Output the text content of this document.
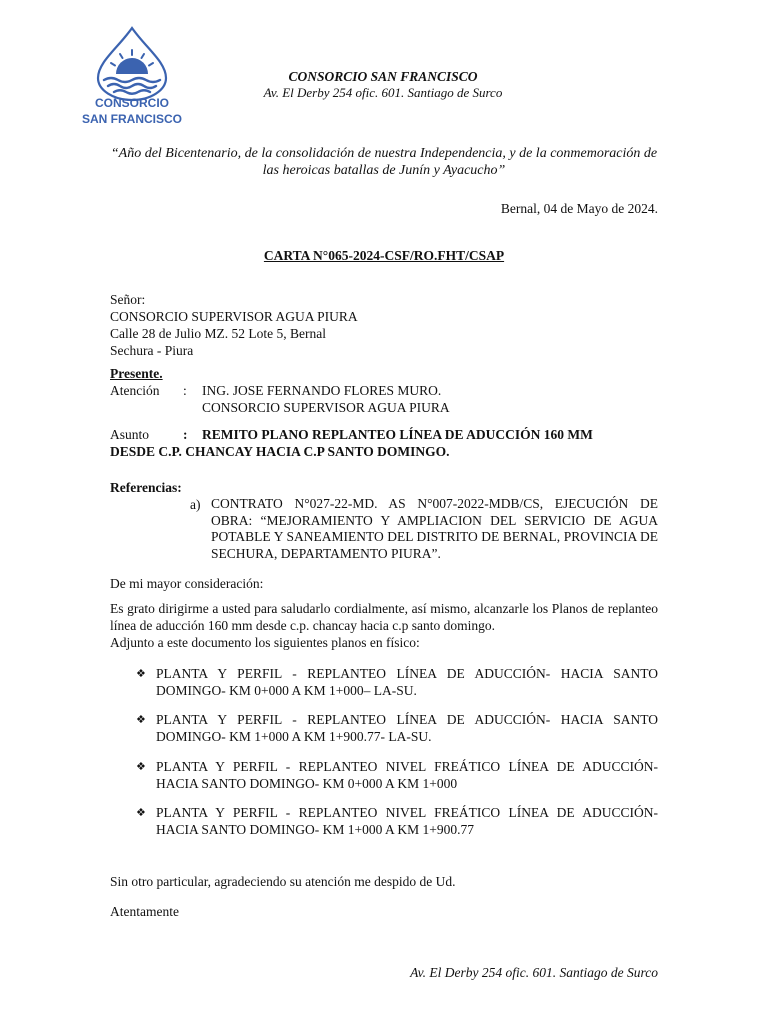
CONSORCIO
SAN FRANCISCO
CONSORCIO SAN FRANCISCO
Av. El Derby 254 ofic. 601. Santiago de Surco
“Año del Bicentenario, de la consolidación de nuestra Independencia, y de la conmemoración de las heroicas batallas de Junín y Ayacucho”
Bernal, 04 de Mayo de 2024.
CARTA N°065-2024-CSF/RO.FHT/CSAP
Señor:
CONSORCIO SUPERVISOR AGUA PIURA
Calle 28 de Julio MZ. 52 Lote 5, Bernal
Sechura - Piura
Presente.
Atención : ING. JOSE FERNANDO FLORES MURO.
CONSORCIO SUPERVISOR AGUA PIURA
Asunto	: REMITO PLANO REPLANTEO LÍNEA DE ADUCCIÓN 160 MM
DESDE C.P. CHANCAY HACIA C.P SANTO DOMINGO.
Referencias:
a) CONTRATO N°027-22-MD. AS N°007-2022-MDB/CS, EJECUCIÓN DE OBRA: “MEJORAMIENTO Y AMPLIACION DEL SERVICIO DE AGUA POTABLE Y SANEAMIENTO DEL DISTRITO DE BERNAL, PROVINCIA DE SECHURA, DEPARTAMENTO PIURA”.
De mi mayor consideración:
Es grato dirigirme a usted para saludarlo cordialmente, así mismo, alcanzarle los Planos de replanteo línea de aducción 160 mm desde c.p. chancay hacia c.p santo domingo.
Adjunto a este documento los siguientes planos en físico:
❖ PLANTA Y PERFIL - REPLANTEO LÍNEA DE ADUCCIÓN- HACIA SANTO DOMINGO- KM 0+000 A KM 1+000– LA-SU.
❖ PLANTA Y PERFIL - REPLANTEO LÍNEA DE ADUCCIÓN- HACIA SANTO DOMINGO- KM 1+000 A KM 1+900.77- LA-SU.
❖ PLANTA Y PERFIL - REPLANTEO NIVEL FREÁTICO LÍNEA DE ADUCCIÓN- HACIA SANTO DOMINGO- KM 0+000 A KM 1+000
❖ PLANTA Y PERFIL - REPLANTEO NIVEL FREÁTICO LÍNEA DE ADUCCIÓN- HACIA SANTO DOMINGO- KM 1+000 A KM 1+900.77
Sin otro particular, agradeciendo su atención me despido de Ud.
Atentamente
Av. El Derby 254 ofic. 601. Santiago de Surco
